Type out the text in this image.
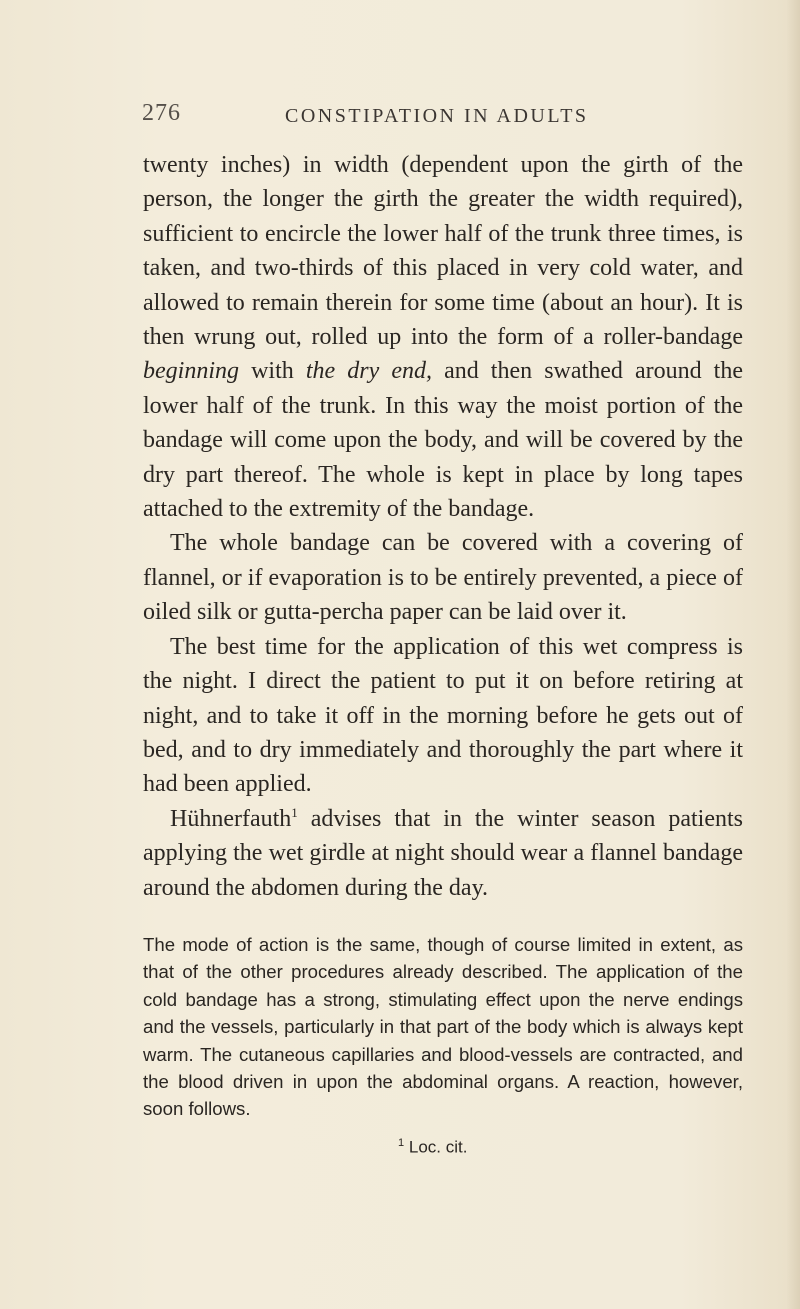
276	CONSTIPATION IN ADULTS

twenty inches) in width (dependent upon the girth of the person, the longer the girth the greater the width required), sufficient to encircle the lower half of the trunk three times, is taken, and two-thirds of this placed in very cold water, and allowed to remain therein for some time (about an hour). It is then wrung out, rolled up into the form of a roller-bandage beginning with the dry end, and then swathed around the lower half of the trunk. In this way the moist portion of the bandage will come upon the body, and will be covered by the dry part thereof. The whole is kept in place by long tapes attached to the extremity of the bandage.

The whole bandage can be covered with a covering of flannel, or if evaporation is to be entirely prevented, a piece of oiled silk or gutta-percha paper can be laid over it.

The best time for the application of this wet compress is the night. I direct the patient to put it on before retiring at night, and to take it off in the morning before he gets out of bed, and to dry immediately and thoroughly the part where it had been applied.

Hühnerfauth$^1$ advises that in the winter season patients applying the wet girdle at night should wear a flannel bandage around the abdomen during the day.

The mode of action is the same, though of course limited in extent, as that of the other procedures already described. The application of the cold bandage has a strong, stimulating effect upon the nerve endings and the vessels, particularly in that part of the body which is always kept warm. The cutaneous capillaries and blood-vessels are contracted, and the blood driven in upon the abdominal organs. A reaction, however, soon follows.

$^1$ Loc. cit.
